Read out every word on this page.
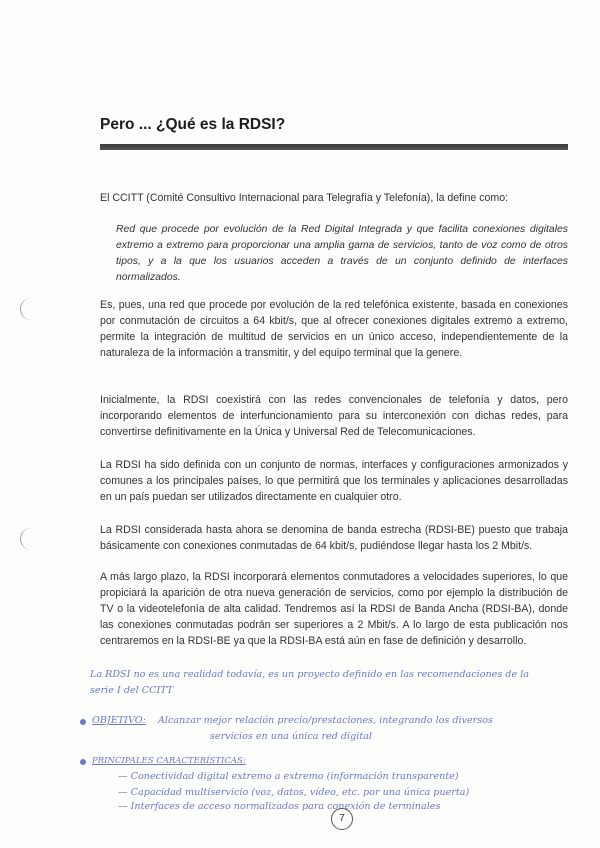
Pero ... ¿Qué es la RDSI?
El CCITT (Comité Consultivo Internacional para Telegrafía y Telefonía), la define como:
Red que procede por evolución de la Red Digital Integrada y que facilita conexiones digitales extremo a extremo para proporcionar una amplia gama de servicios, tanto de voz como de otros tipos, y a la que los usuarios acceden a través de un conjunto definido de interfaces normalizados.
Es, pues, una red que procede por evolución de la red telefónica existente, basada en conexiones por conmutación de circuitos a 64 kbit/s, que al ofrecer conexiones digitales extremo a extremo, permite la integración de multitud de servicios en un único acceso, independientemente de la naturaleza de la información a transmitir, y del equipo terminal que la genere.
Inicialmente, la RDSI coexistirá con las redes convencionales de telefonía y datos, pero incorporando elementos de interfuncionamiento para su interconexión con dichas redes, para convertirse definitivamente en la Única y Universal Red de Telecomunicaciones.
La RDSI ha sido definida con un conjunto de normas, interfaces y configuraciones armonizados y comunes a los principales países, lo que permitirá que los terminales y aplicaciones desarrolladas en un país puedan ser utilizados directamente en cualquier otro.
La RDSI considerada hasta ahora se denomina de banda estrecha (RDSI-BE) puesto que trabaja básicamente con conexiones conmutadas de 64 kbit/s, pudiéndose llegar hasta los 2 Mbit/s.
A más largo plazo, la RDSI incorporará elementos conmutadores a velocidades superiores, lo que propiciará la aparición de otra nueva generación de servicios, como por ejemplo la distribución de TV o la videotelefonía de alta calidad. Tendremos así la RDSI de Banda Ancha (RDSI-BA), donde las conexiones conmutadas podrán ser superiores a 2 Mbit/s. A lo largo de esta publicación nos centraremos en la RDSI-BE ya que la RDSI-BA está aún en fase de definición y desarrollo.
La RDSI no es una realidad todavía, es un proyecto definido en las recomendaciones de la
serie I del CCITT
OBJETIVO: Alcanzar mejor relación precio/prestaciones, integrando los diversos
servicios en una única red digital
PRINCIPALES CARACTERÍSTICAS:
— Conectividad digital extremo a extremo (información transparente)
— Capacidad multiservicio (voz, datos, vídeo, etc. por una única puerta)
— Interfaces de acceso normalizados para conexión de terminales
7
